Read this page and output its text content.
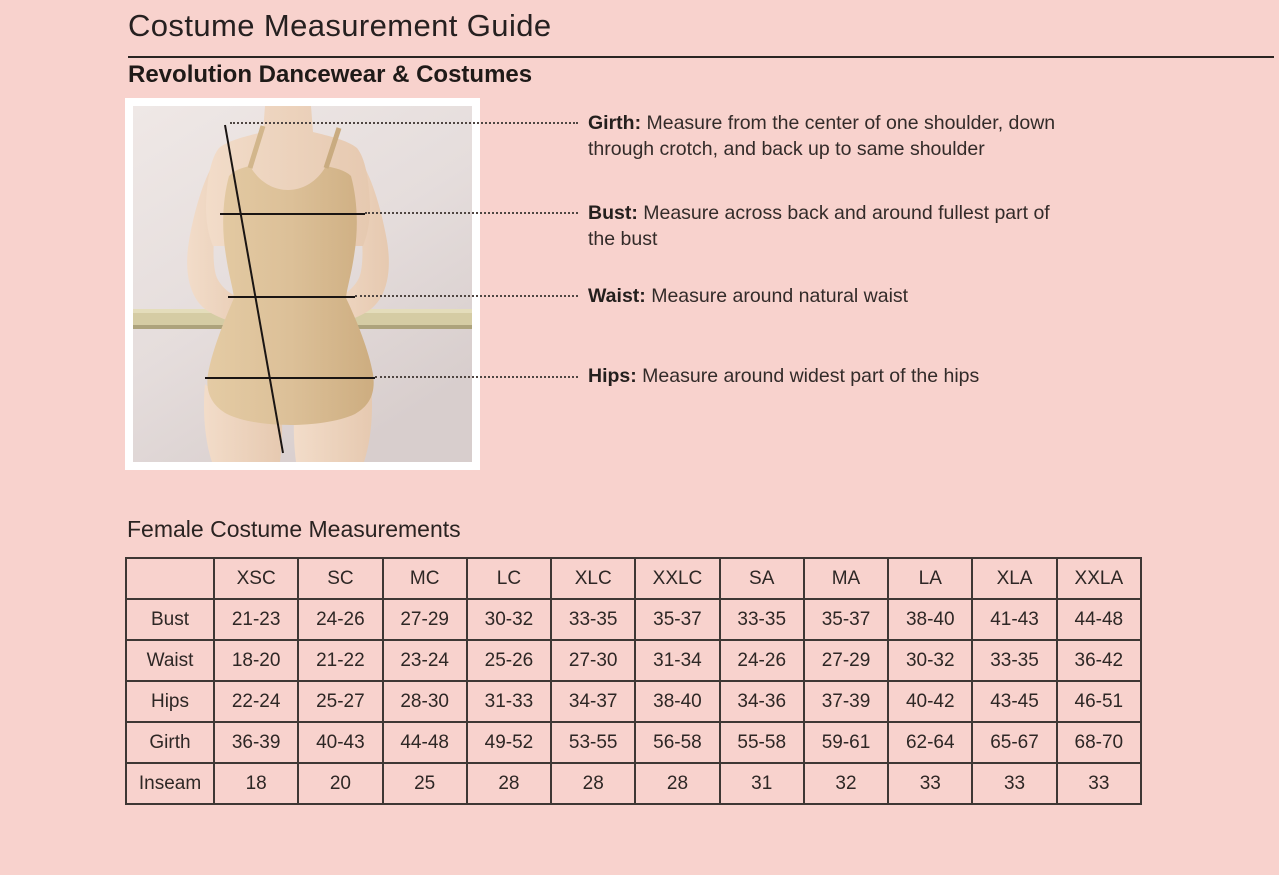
Costume Measurement Guide
Revolution Dancewear & Costumes
Girth: Measure from the center of one shoulder, down through crotch, and back up to same shoulder
Bust: Measure across back and around fullest part of the bust
Waist: Measure around natural waist
Hips: Measure around widest part of the hips
Female Costume Measurements
	XSC	SC	MC	LC	XLC	XXLC	SA	MA	LA	XLA	XXLA
Bust	21-23	24-26	27-29	30-32	33-35	35-37	33-35	35-37	38-40	41-43	44-48
Waist	18-20	21-22	23-24	25-26	27-30	31-34	24-26	27-29	30-32	33-35	36-42
Hips	22-24	25-27	28-30	31-33	34-37	38-40	34-36	37-39	40-42	43-45	46-51
Girth	36-39	40-43	44-48	49-52	53-55	56-58	55-58	59-61	62-64	65-67	68-70
Inseam	18	20	25	28	28	28	31	32	33	33	33
